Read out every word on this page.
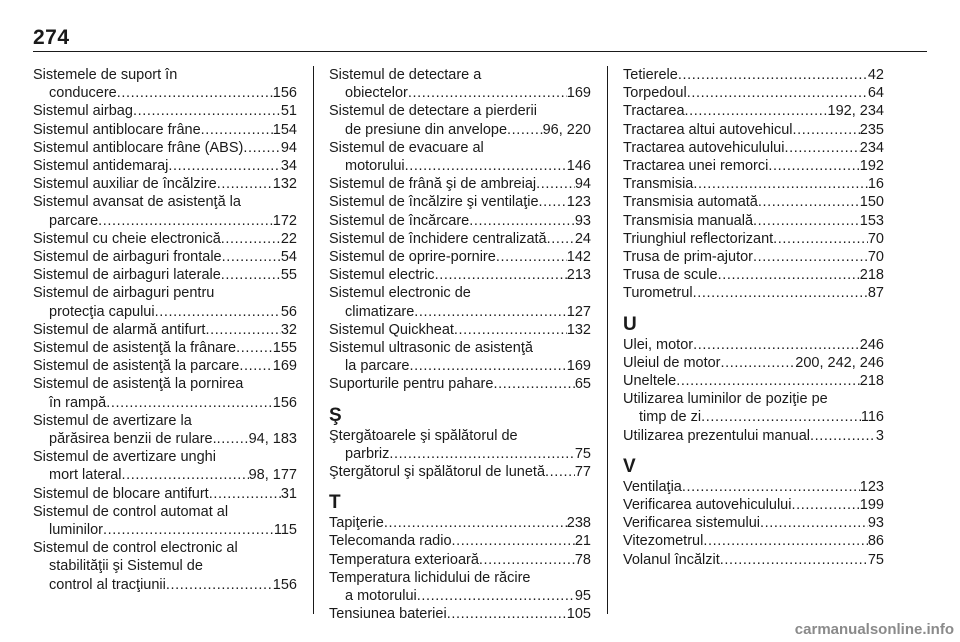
274
Sistemele de suport în
conducere .....	156
Sistemul airbag .....	51
Sistemul antiblocare frâne .....	154
Sistemul antiblocare frâne (ABS) .....	94
Sistemul antidemaraj .....	34
Sistemul auxiliar de încălzire .....	132
Sistemul avansat de asistenţă la
parcare .....	172
Sistemul cu cheie electronică .....	22
Sistemul de airbaguri frontale .....	54
Sistemul de airbaguri laterale .....	55
Sistemul de airbaguri pentru
protecţia capului .....	56
Sistemul de alarmă antifurt .....	32
Sistemul de asistenţă la frânare .....	155
Sistemul de asistenţă la parcare ..... 169
Sistemul de asistenţă la pornirea
în rampă .....	156
Sistemul de avertizare la
părăsirea benzii de rulare. ..... 94, 183
Sistemul de avertizare unghi
mort lateral .....	98, 177
Sistemul de blocare antifurt .....	31
Sistemul de control automat al
luminilor .....	115
Sistemul de control electronic al
stabilităţii şi Sistemul de
control al tracţiunii .....	156
Sistemul de detectare a
obiectelor .....	169
Sistemul de detectare a pierderii
de presiune din anvelope ..... 96, 220
Sistemul de evacuare al
motorului .....	146
Sistemul de frână şi de ambreiaj .....	94
Sistemul de încălzire şi ventilaţie ..... 123
Sistemul de încărcare .....	93
Sistemul de închidere centralizată ..... 24
Sistemul de oprire-pornire .....	142
Sistemul electric .....	213
Sistemul electronic de
climatizare .....	127
Sistemul Quickheat .....	132
Sistemul ultrasonic de asistenţă
la parcare .....	169
Suporturile pentru pahare .....	65
Ş
Ştergătoarele şi spălătorul de
parbriz .....	75
Ştergătorul şi spălătorul de lunetă ..... 77
T
Tapiţerie .....	238
Telecomanda radio .....	21
Temperatura exterioară .....	78
Temperatura lichidului de răcire
a motorului .....	95
Tensiunea bateriei .....	105
Tetierele .....	42
Torpedoul .....	64
Tractarea .....	192, 234
Tractarea altui autovehicul .....	235
Tractarea autovehiculului .....	234
Tractarea unei remorci .....	192
Transmisia .....	16
Transmisia automată .....	150
Transmisia manuală .....	153
Triunghiul reflectorizant .....	70
Trusa de prim-ajutor .....	70
Trusa de scule .....	218
Turometrul .....	87
U
Ulei, motor .....	246
Uleiul de motor .....	200, 242, 246
Uneltele .....	218
Utilizarea luminilor de poziţie pe
timp de zi .....	116
Utilizarea prezentului manual .....	3
V
Ventilaţia .....	123
Verificarea autovehiculului .....	199
Verificarea sistemului .....	93
Vitezometrul .....	86
Volanul încălzit .....	75
carmanualsonline.info
